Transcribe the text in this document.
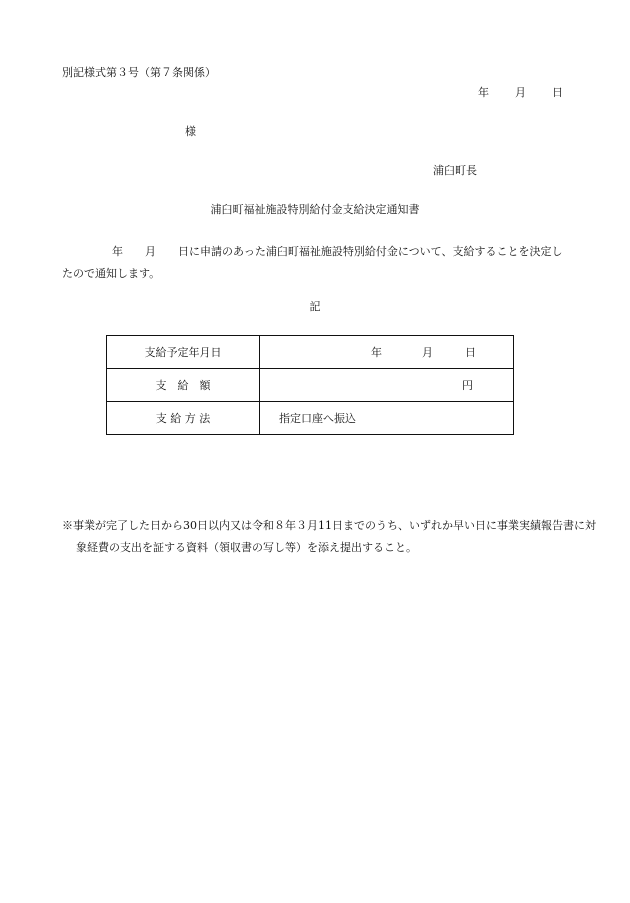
別記様式第３号（第７条関係）
年 月 日
様
浦臼町長
浦臼町福祉施設特別給付金支給決定通知書
年 月 日に申請のあった浦臼町福祉施設特別給付金について、支給することを決定したので通知します。
記
支給予定年月日	年 月 日

支　給　額	円

支 給 方 法	指定口座へ振込
※事業が完了した日から30日以内又は令和８年３月11日までのうち、いずれか早い日に事業実績報告書に対象経費の支出を証する資料（領収書の写し等）を添え提出すること。
